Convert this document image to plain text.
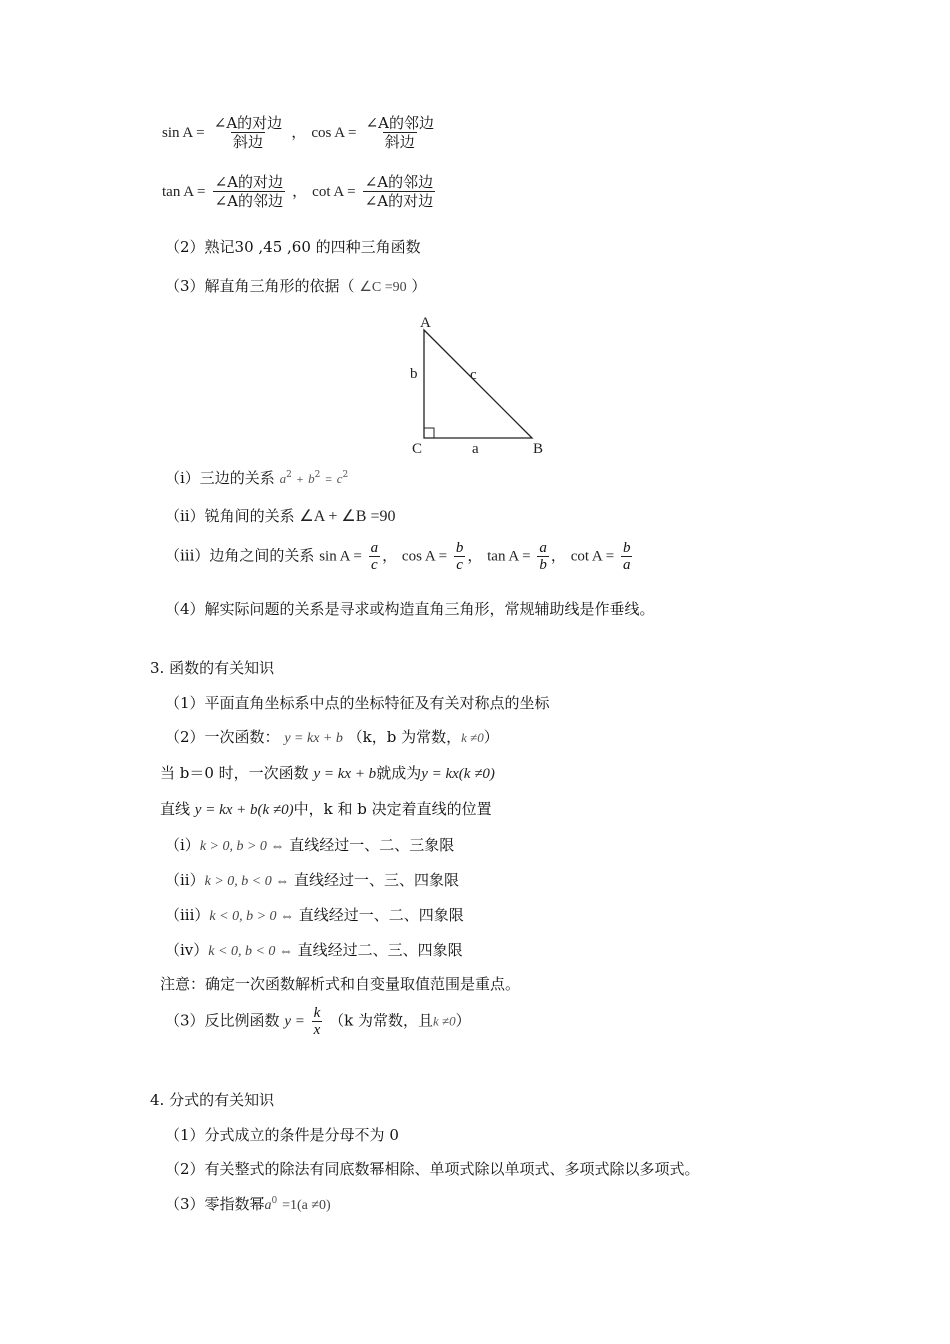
$\sin A = \frac{\text{∠A的对边}}{\text{斜边}}$ ， $\cos A = \frac{\text{∠A的邻边}}{\text{斜边}}$
$\tan A = \frac{\text{∠A的对边}}{\text{∠A的邻边}}$ ， $\cot A = \frac{\text{∠A的邻边}}{\text{∠A的对边}}$
（2）熟记30 ,45 ,60 的四种三角函数
（3）解直角三角形的依据（ ∠C =90 ）
A
B
C	a
b	c
（i）三边的关系 $a^2 + b^2 = c^2$
（ii）锐角间的关系 ∠A + ∠B =90
（iii）边角之间的关系 $\sin A = \frac{a}{c}$ ， $\cos A = \frac{b}{c}$ ， $\tan A = \frac{a}{b}$ ， $\cot A = \frac{b}{a}$
（4）解实际问题的关系是寻求或构造直角三角形，常规辅助线是作垂线。
3. 函数的有关知识
（1）平面直角坐标系中点的坐标特征及有关对称点的坐标
（2）一次函数： y = kx + b （k，b 为常数，k ≠0）
当 b＝0 时，一次函数 y = kx + b就成为y = kx(k ≠0)
直线 y = kx + b(k ≠0)中，k 和 b 决定着直线的位置
（i）k > 0, b > 0 ⇔ 直线经过一、二、三象限
（ii）k > 0, b < 0 ⇔ 直线经过一、三、四象限
（iii）k < 0, b > 0 ⇔ 直线经过一、二、四象限
（iv）k < 0, b < 0 ⇔ 直线经过二、三、四象限
注意：确定一次函数解析式和自变量取值范围是重点。
（3）反比例函数 $y = \frac{k}{x} (k$ 为常数，且k ≠0）
4. 分式的有关知识
（1）分式成立的条件是分母不为 0
（2）有关整式的除法有同底数幂相除、单项式除以单项式、多项式除以多项式。
（3）零指数幂$a^0 =1(a \ne 0)$
